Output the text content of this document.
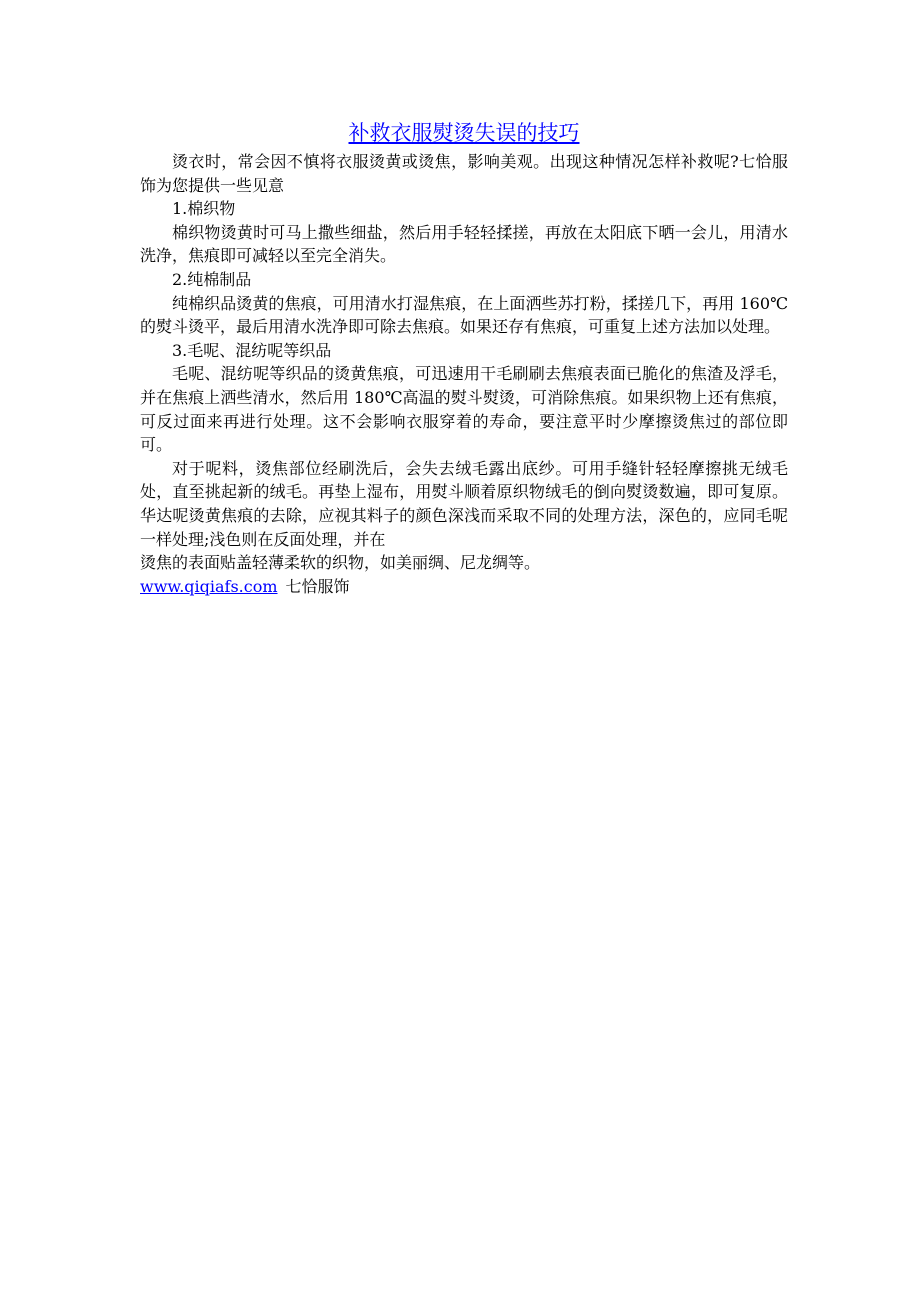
补救衣服熨烫失误的技巧

烫衣时，常会因不慎将衣服烫黄或烫焦，影响美观。出现这种情况怎样补救呢?七恰服饰为您提供一些见意

1.棉织物

棉织物烫黄时可马上撒些细盐，然后用手轻轻揉搓，再放在太阳底下晒一会儿，用清水洗净，焦痕即可减轻以至完全消失。

2.纯棉制品

纯棉织品烫黄的焦痕，可用清水打湿焦痕，在上面洒些苏打粉，揉搓几下，再用 160℃的熨斗烫平，最后用清水洗净即可除去焦痕。如果还存有焦痕，可重复上述方法加以处理。

3.毛呢、混纺呢等织品

毛呢、混纺呢等织品的烫黄焦痕，可迅速用干毛刷刷去焦痕表面已脆化的焦渣及浮毛，并在焦痕上洒些清水，然后用 180℃高温的熨斗熨烫，可消除焦痕。如果织物上还有焦痕，可反过面来再进行处理。这不会影响衣服穿着的寿命，要注意平时少摩擦烫焦过的部位即可。

对于呢料，烫焦部位经刷洗后，会失去绒毛露出底纱。可用手缝针轻轻摩擦挑无绒毛处，直至挑起新的绒毛。再垫上湿布，用熨斗顺着原织物绒毛的倒向熨烫数遍，即可复原。华达呢烫黄焦痕的去除，应视其料子的颜色深浅而采取不同的处理方法，深色的，应同毛呢一样处理;浅色则在反面处理，并在

烫焦的表面贴盖轻薄柔软的织物，如美丽绸、尼龙绸等。

www.qiqiafs.com 七恰服饰
